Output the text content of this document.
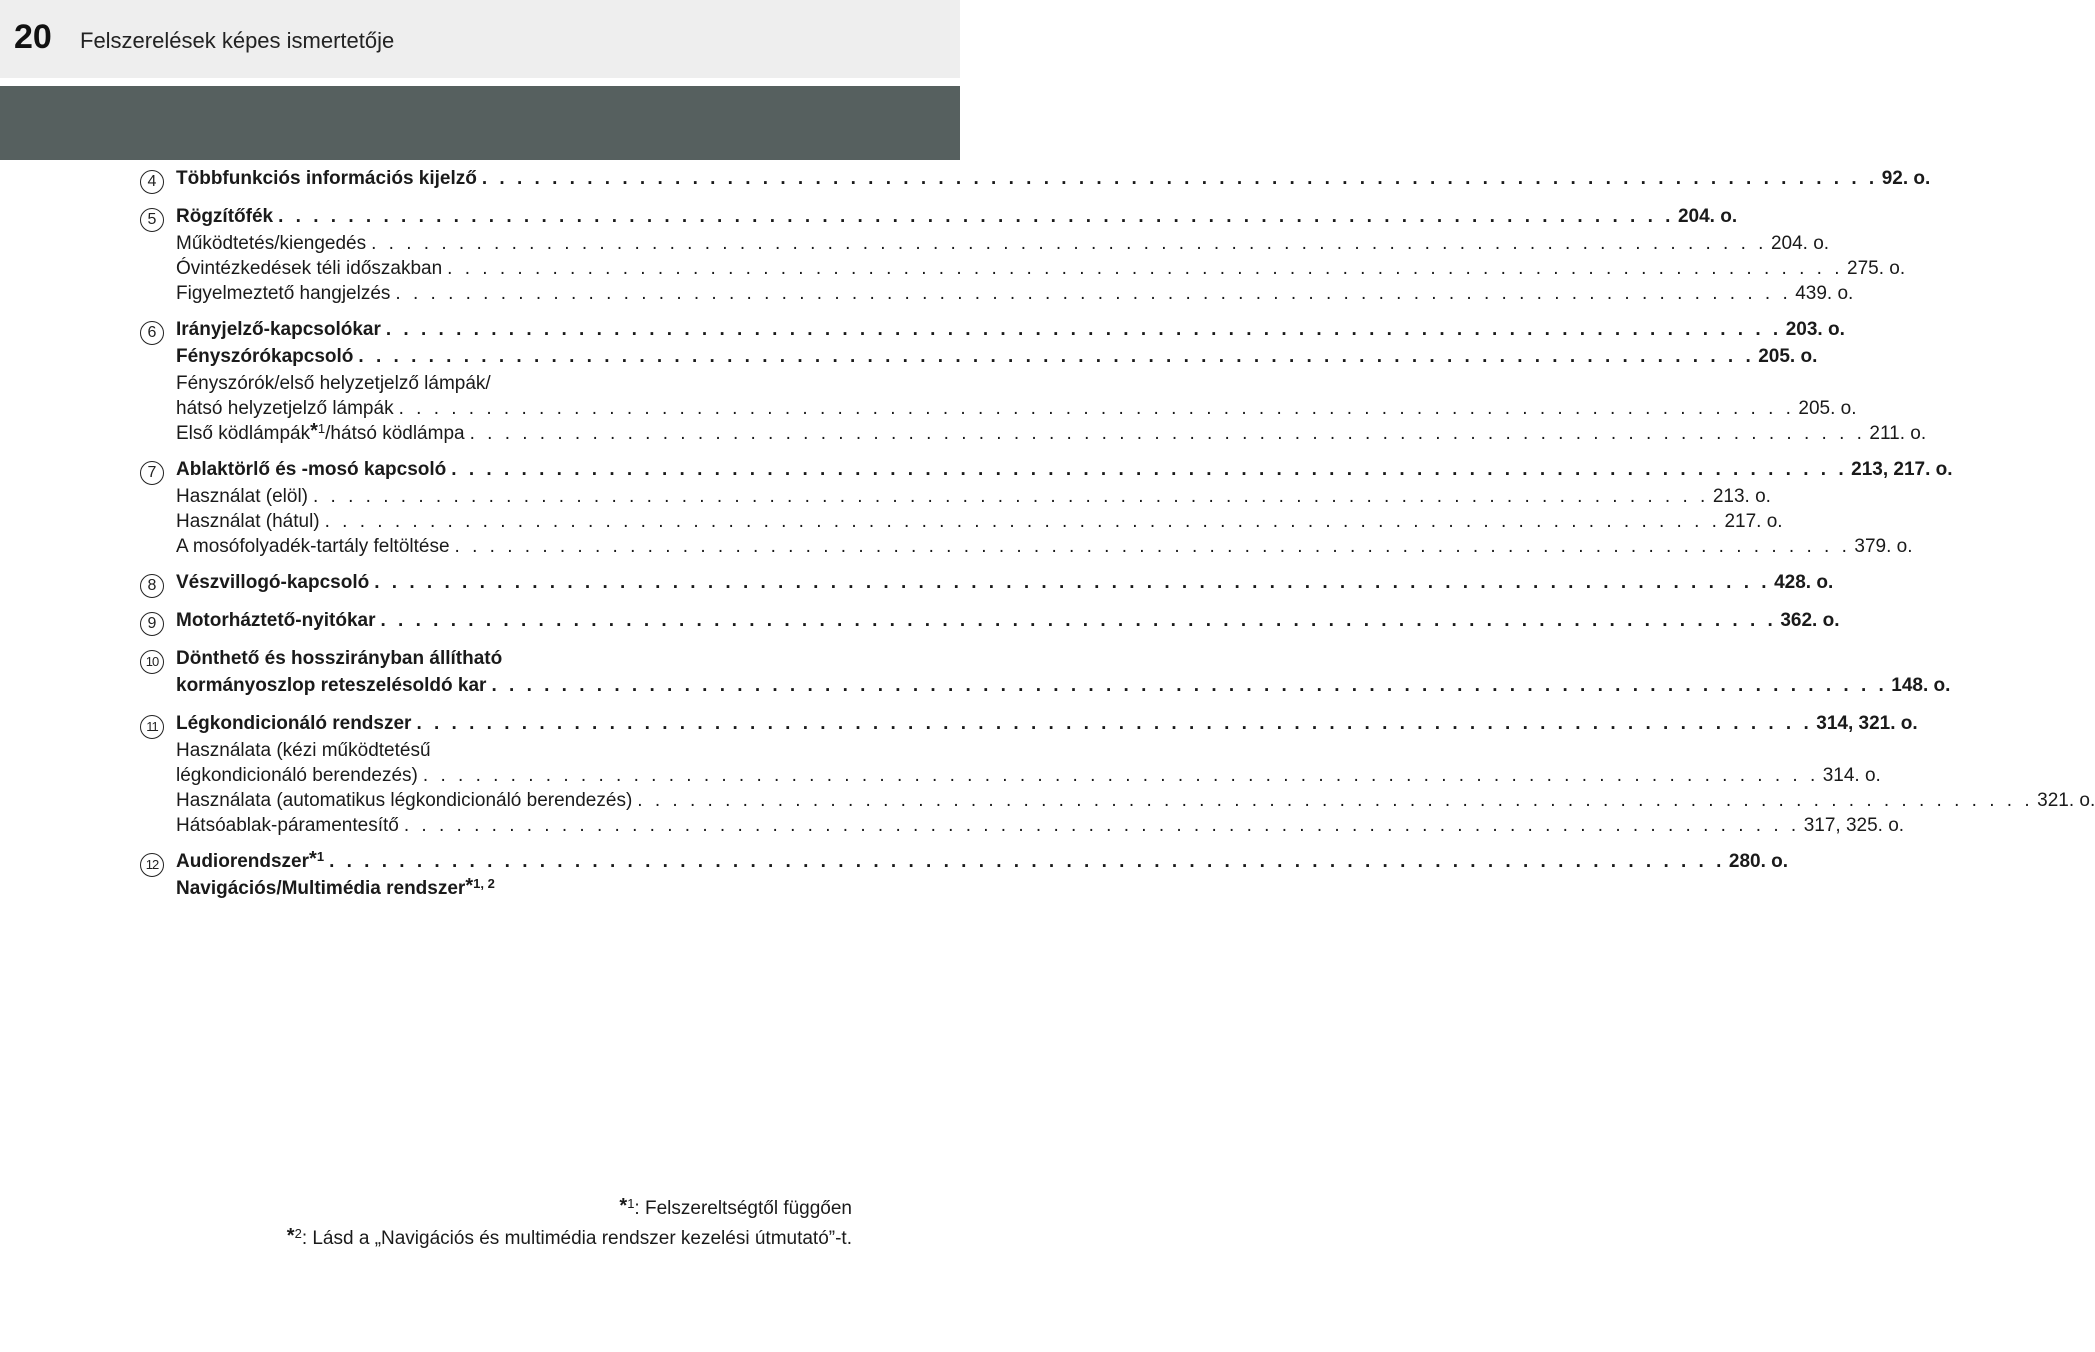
20 Felszerelések képes ismertetője
4	Többfunkciós információs kijelző . . . . . . . . . . . . . . . . . . . . . . . . . . . . . . . . . . . . . . . . . . . . . . . . . . . . . . . . . . . . . . . . . . . . . . . . . . . . . . . . 92. o.
5	Rögzítőfék . . . . . . . . . . . . . . . . . . . . . . . . . . . . . . . . . . . . . . . . . . . . . . . . . . . . . . . . . . . . . . . . . . . . . . . . . . . . . . . . 204. o.
Működtetés/kiengedés . . . . . . . . . . . . . . . . . . . . . . . . . . . . . . . . . . . . . . . . . . . . . . . . . . . . . . . . . . . . . . . . . . . . . . . . . . . . . . . . 204. o.
Óvintézkedések téli időszakban . . . . . . . . . . . . . . . . . . . . . . . . . . . . . . . . . . . . . . . . . . . . . . . . . . . . . . . . . . . . . . . . . . . . . . . . . . . . . . . . 275. o.
Figyelmeztető hangjelzés . . . . . . . . . . . . . . . . . . . . . . . . . . . . . . . . . . . . . . . . . . . . . . . . . . . . . . . . . . . . . . . . . . . . . . . . . . . . . . . . 439. o.
6	Irányjelző-kapcsolókar . . . . . . . . . . . . . . . . . . . . . . . . . . . . . . . . . . . . . . . . . . . . . . . . . . . . . . . . . . . . . . . . . . . . . . . . . . . . . . . . 203. o.
Fényszórókapcsoló . . . . . . . . . . . . . . . . . . . . . . . . . . . . . . . . . . . . . . . . . . . . . . . . . . . . . . . . . . . . . . . . . . . . . . . . . . . . . . . . 205. o.
Fényszórók/első helyzetjelző lámpák/
hátsó helyzetjelző lámpák . . . . . . . . . . . . . . . . . . . . . . . . . . . . . . . . . . . . . . . . . . . . . . . . . . . . . . . . . . . . . . . . . . . . . . . . . . . . . . . . 205. o.
Első ködlámpák$^{*1}$/hátsó ködlámpa . . . . . . . . . . . . . . . . . . . . . . . . . . . . . . . . . . . . . . . . . . . . . . . . . . . . . . . . . . . . . . . . . . . . . . . . . . . . . . . . 211. o.
7	Ablaktörlő és -mosó kapcsoló . . . . . . . . . . . . . . . . . . . . . . . . . . . . . . . . . . . . . . . . . . . . . . . . . . . . . . . . . . . . . . . . . . . . . . . . . . . . . . . . 213, 217. o.
Használat (elöl) . . . . . . . . . . . . . . . . . . . . . . . . . . . . . . . . . . . . . . . . . . . . . . . . . . . . . . . . . . . . . . . . . . . . . . . . . . . . . . . . 213. o.
Használat (hátul) . . . . . . . . . . . . . . . . . . . . . . . . . . . . . . . . . . . . . . . . . . . . . . . . . . . . . . . . . . . . . . . . . . . . . . . . . . . . . . . . 217. o.
A mosófolyadék-tartály feltöltése . . . . . . . . . . . . . . . . . . . . . . . . . . . . . . . . . . . . . . . . . . . . . . . . . . . . . . . . . . . . . . . . . . . . . . . . . . . . . . . . 379. o.
8	Vészvillogó-kapcsoló . . . . . . . . . . . . . . . . . . . . . . . . . . . . . . . . . . . . . . . . . . . . . . . . . . . . . . . . . . . . . . . . . . . . . . . . . . . . . . . . 428. o.
9	Motorháztető-nyitókar . . . . . . . . . . . . . . . . . . . . . . . . . . . . . . . . . . . . . . . . . . . . . . . . . . . . . . . . . . . . . . . . . . . . . . . . . . . . . . . . 362. o.
10 Dönthető és hosszirányban állítható
kormányoszlop reteszelésoldó kar . . . . . . . . . . . . . . . . . . . . . . . . . . . . . . . . . . . . . . . . . . . . . . . . . . . . . . . . . . . . . . . . . . . . . . . . . . . . . . . . 148. o.
11 Légkondicionáló rendszer . . . . . . . . . . . . . . . . . . . . . . . . . . . . . . . . . . . . . . . . . . . . . . . . . . . . . . . . . . . . . . . . . . . . . . . . . . . . . . . . 314, 321. o.
Használata (kézi működtetésű
légkondicionáló berendezés) . . . . . . . . . . . . . . . . . . . . . . . . . . . . . . . . . . . . . . . . . . . . . . . . . . . . . . . . . . . . . . . . . . . . . . . . . . . . . . . . 314. o.
Használata (automatikus légkondicionáló berendezés) . . . . . . . . . . . . . . . . . . . . . . . . . . . . . . . . . . . . . . . . . . . . . . . . . . . . . . . . . . . . . . . . . . . . . . . . . . . . . . . . 321. o.
Hátsóablak-páramentesítő . . . . . . . . . . . . . . . . . . . . . . . . . . . . . . . . . . . . . . . . . . . . . . . . . . . . . . . . . . . . . . . . . . . . . . . . . . . . . . . . 317, 325. o.
12 Audiorendszer$^{*1}$ . . . . . . . . . . . . . . . . . . . . . . . . . . . . . . . . . . . . . . . . . . . . . . . . . . . . . . . . . . . . . . . . . . . . . . . . . . . . . . . . 280. o.
Navigációs/Multimédia rendszer$^{*1, 2}$
$^{*1}$: Felszereltségtől függően
$^{*2}$: Lásd a „Navigációs és multimédia rendszer kezelési útmutató”-t.
